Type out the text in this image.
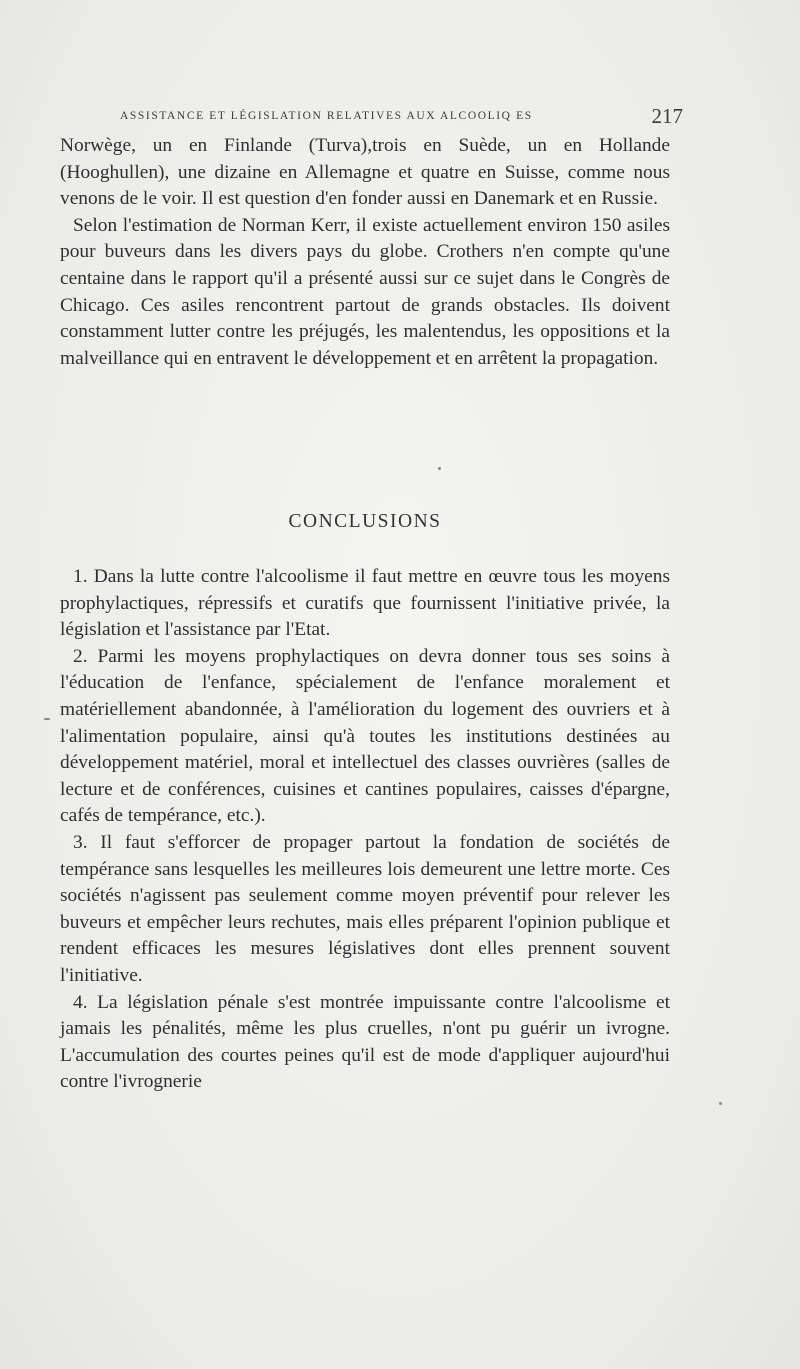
ASSISTANCE ET LÉGISLATION RELATIVES AUX ALCOOLIQ ES	217

Norwège, un en Finlande (Turva),trois en Suède, un en Hollande (Hooghullen), une dizaine en Allemagne et quatre en Suisse, comme nous venons de le voir. Il est question d'en fonder aussi en Danemark et en Russie.

Selon l'estimation de Norman Kerr, il existe actuellement environ 150 asiles pour buveurs dans les divers pays du globe. Crothers n'en compte qu'une centaine dans le rapport qu'il a présenté aussi sur ce sujet dans le Congrès de Chicago. Ces asiles rencontrent partout de grands obstacles. Ils doivent constamment lutter contre les préjugés, les malentendus, les oppositions et la malveillance qui en entravent le développement et en arrêtent la propagation.

CONCLUSIONS

1. Dans la lutte contre l'alcoolisme il faut mettre en œuvre tous les moyens prophylactiques, répressifs et curatifs que fournissent l'initiative privée, la législation et l'assistance par l'Etat.

2. Parmi les moyens prophylactiques on devra donner tous ses soins à l'éducation de l'enfance, spécialement de l'enfance moralement et matériellement abandonnée, à l'amélioration du logement des ouvriers et à l'alimentation populaire, ainsi qu'à toutes les institutions destinées au développement matériel, moral et intellectuel des classes ouvrières (salles de lecture et de conférences, cuisines et cantines populaires, caisses d'épargne, cafés de tempérance, etc.).

3. Il faut s'efforcer de propager partout la fondation de sociétés de tempérance sans lesquelles les meilleures lois demeurent une lettre morte. Ces sociétés n'agissent pas seulement comme moyen préventif pour relever les buveurs et empêcher leurs rechutes, mais elles préparent l'opinion publique et rendent efficaces les mesures législatives dont elles prennent souvent l'initiative.

4. La législation pénale s'est montrée impuissante contre l'alcoolisme et jamais les pénalités, même les plus cruelles, n'ont pu guérir un ivrogne. L'accumulation des courtes peines qu'il est de mode d'appliquer aujourd'hui contre l'ivrognerie
